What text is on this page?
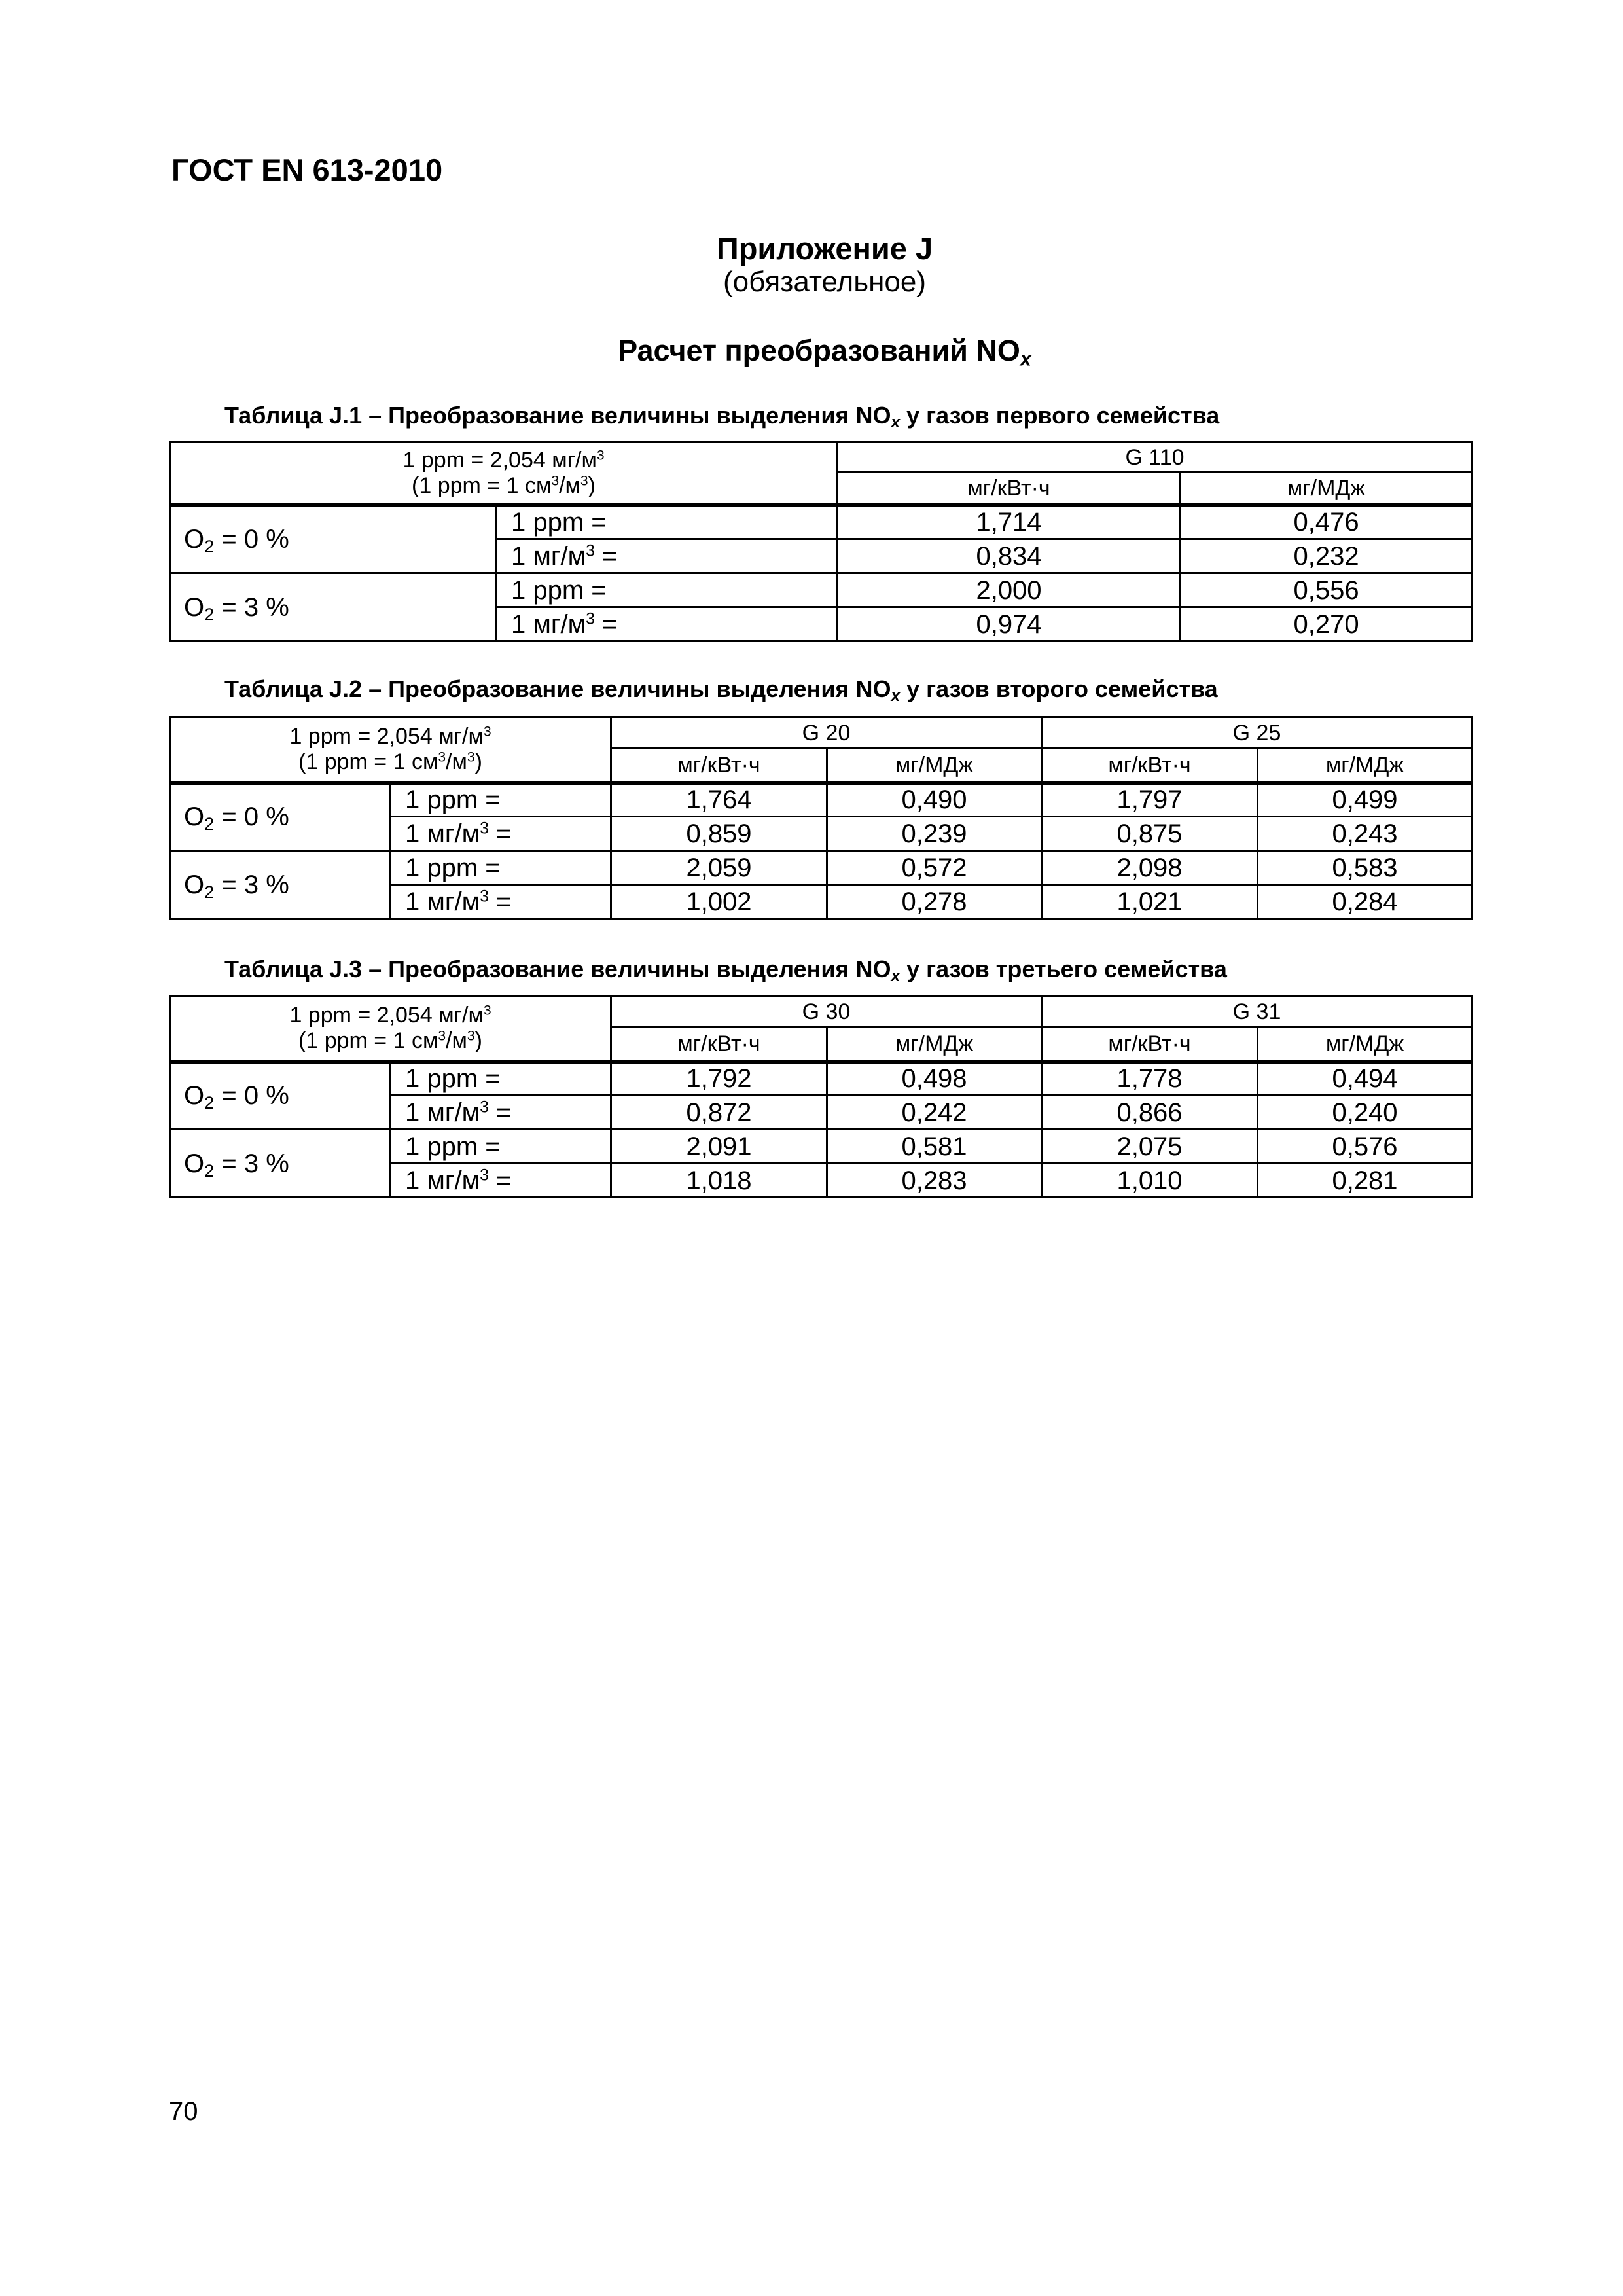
ГОСТ EN 613-2010
Приложение J
(обязательное)
Расчет преобразований $NO_x$
Таблица J.1 – Преобразование величины выделения $NO_x$ у газов первого семейства
1 ppm = 2,054 $мг/м^3$
(1 ppm = 1 $см^3/м^3$)		G 110	
		мг/кВт·ч	мг/МДж
$O_2 = 0$ %	1 ppm =	1,714	0,476
	1 $мг/м^3$ =	0,834	0,232
$O_2 = 3$ %	1 ppm =	2,000	0,556
	1 $мг/м^3$ =	0,974	0,270
Таблица J.2 – Преобразование величины выделения $NO_x$ у газов второго семейства
1 ppm = 2,054 $мг/м^3$
(1 ppm = 1 $см^3/м^3$)		G 20		G 25	
		мг/кВт·ч	мг/МДж	мг/кВт·ч	мг/МДж
$O_2 = 0$ %	1 ppm =	1,764	0,490	1,797	0,499
	1 $мг/м^3$ =	0,859	0,239	0,875	0,243
$O_2 = 3$ %	1 ppm =	2,059	0,572	2,098	0,583
	1 $мг/м^3$ =	1,002	0,278	1,021	0,284
Таблица J.3 – Преобразование величины выделения $NO_x$ у газов третьего семейства
1 ppm = 2,054 $мг/м^3$
(1 ppm = 1 $см^3/м^3$)		G 30		G 31	
		мг/кВт·ч	мг/МДж	мг/кВт·ч	мг/МДж
$O_2 = 0$ %	1 ppm =	1,792	0,498	1,778	0,494
	1 $мг/м^3$ =	0,872	0,242	0,866	0,240
$O_2 = 3$ %	1 ppm =	2,091	0,581	2,075	0,576
	1 $мг/м^3$ =	1,018	0,283	1,010	0,281
70
